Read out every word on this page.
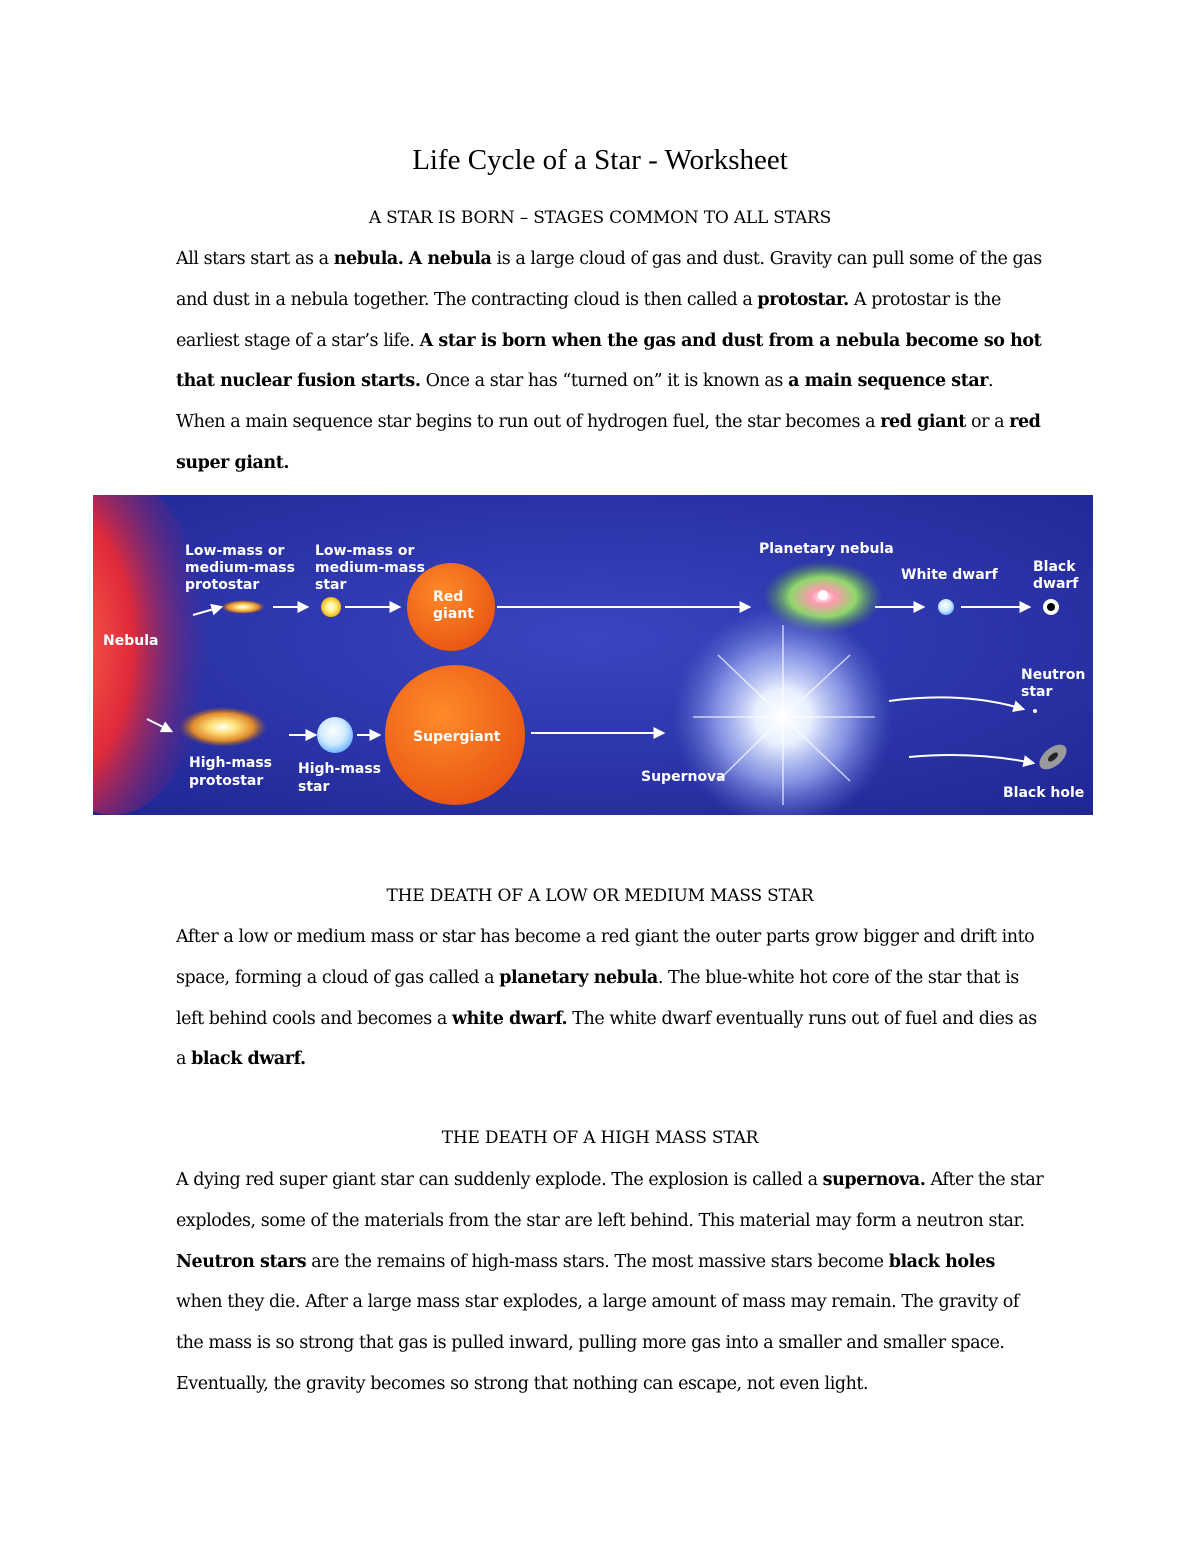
Life Cycle of a Star - Worksheet
A STAR IS BORN – STAGES COMMON TO ALL STARS

All stars start as a nebula. A nebula is a large cloud of gas and dust. Gravity can pull some of the gas and dust in a nebula together. The contracting cloud is then called a protostar. A protostar is the earliest stage of a star’s life. A star is born when the gas and dust from a nebula become so hot that nuclear fusion starts. Once a star has “turned on” it is known as a main sequence star. When a main sequence star begins to run out of hydrogen fuel, the star becomes a red giant or a red super giant.

Nebula
Low-mass or medium-mass protostar
Low-mass or medium-mass star
Red giant
Planetary nebula
White dwarf	Black dwarf
High-mass protostar
High-mass star
Supergiant
Supernova
Neutron star
Black hole
THE DEATH OF A LOW OR MEDIUM MASS STAR

After a low or medium mass or star has become a red giant the outer parts grow bigger and drift into space, forming a cloud of gas called a planetary nebula. The blue-white hot core of the star that is left behind cools and becomes a white dwarf. The white dwarf eventually runs out of fuel and dies as a black dwarf.

THE DEATH OF A HIGH MASS STAR

A dying red super giant star can suddenly explode. The explosion is called a supernova. After the star explodes, some of the materials from the star are left behind. This material may form a neutron star. Neutron stars are the remains of high-mass stars. The most massive stars become black holes when they die. After a large mass star explodes, a large amount of mass may remain. The gravity of the mass is so strong that gas is pulled inward, pulling more gas into a smaller and smaller space. Eventually, the gravity becomes so strong that nothing can escape, not even light.
